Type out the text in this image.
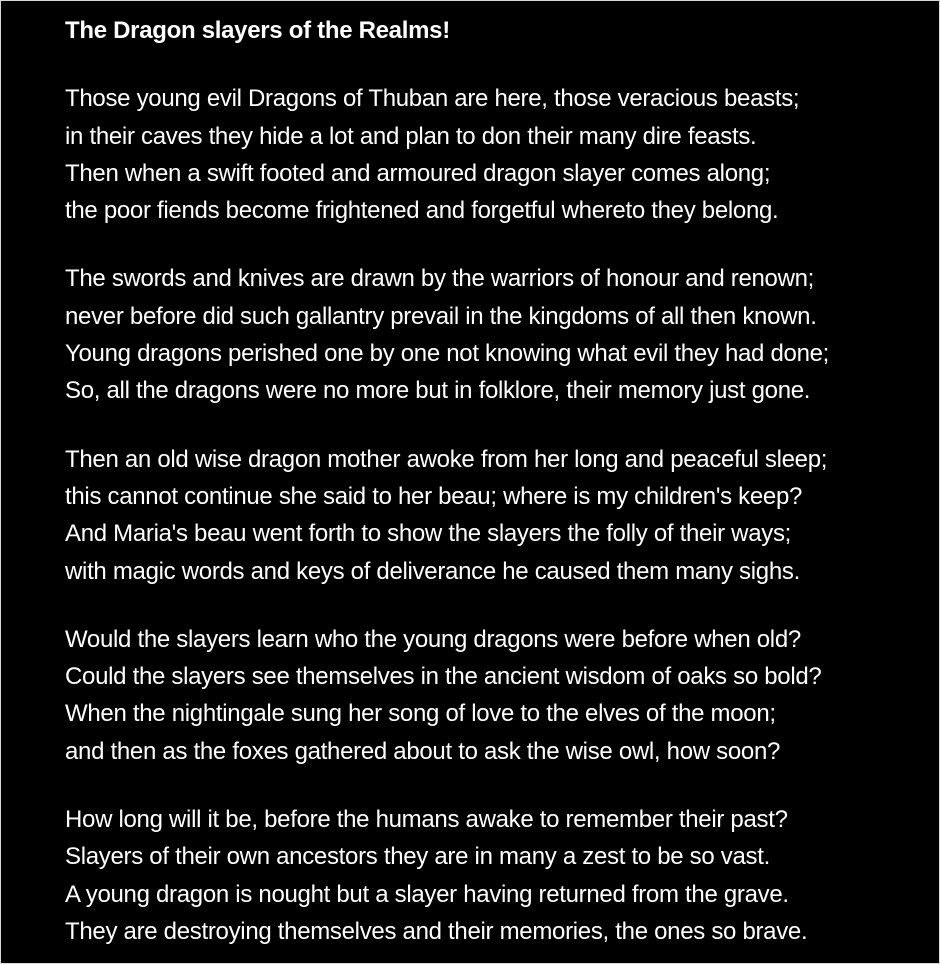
The Dragon slayers of the Realms!
Those young evil Dragons of Thuban are here, those veracious beasts;
in their caves they hide a lot and plan to don their many dire feasts.
Then when a swift footed and armoured dragon slayer comes along;
the poor fiends become frightened and forgetful whereto they belong.
The swords and knives are drawn by the warriors of honour and renown;
never before did such gallantry prevail in the kingdoms of all then known.
Young dragons perished one by one not knowing what evil they had done;
So, all the dragons were no more but in folklore, their memory just gone.
Then an old wise dragon mother awoke from her long and peaceful sleep;
this cannot continue she said to her beau; where is my children's keep?
And Maria's beau went forth to show the slayers the folly of their ways;
with magic words and keys of deliverance he caused them many sighs.
Would the slayers learn who the young dragons were before when old?
Could the slayers see themselves in the ancient wisdom of oaks so bold?
When the nightingale sung her song of love to the elves of the moon;
and then as the foxes gathered about to ask the wise owl, how soon?
How long will it be, before the humans awake to remember their past?
Slayers of their own ancestors they are in many a zest to be so vast.
A young dragon is nought but a slayer having returned from the grave.
They are destroying themselves and their memories, the ones so brave.
